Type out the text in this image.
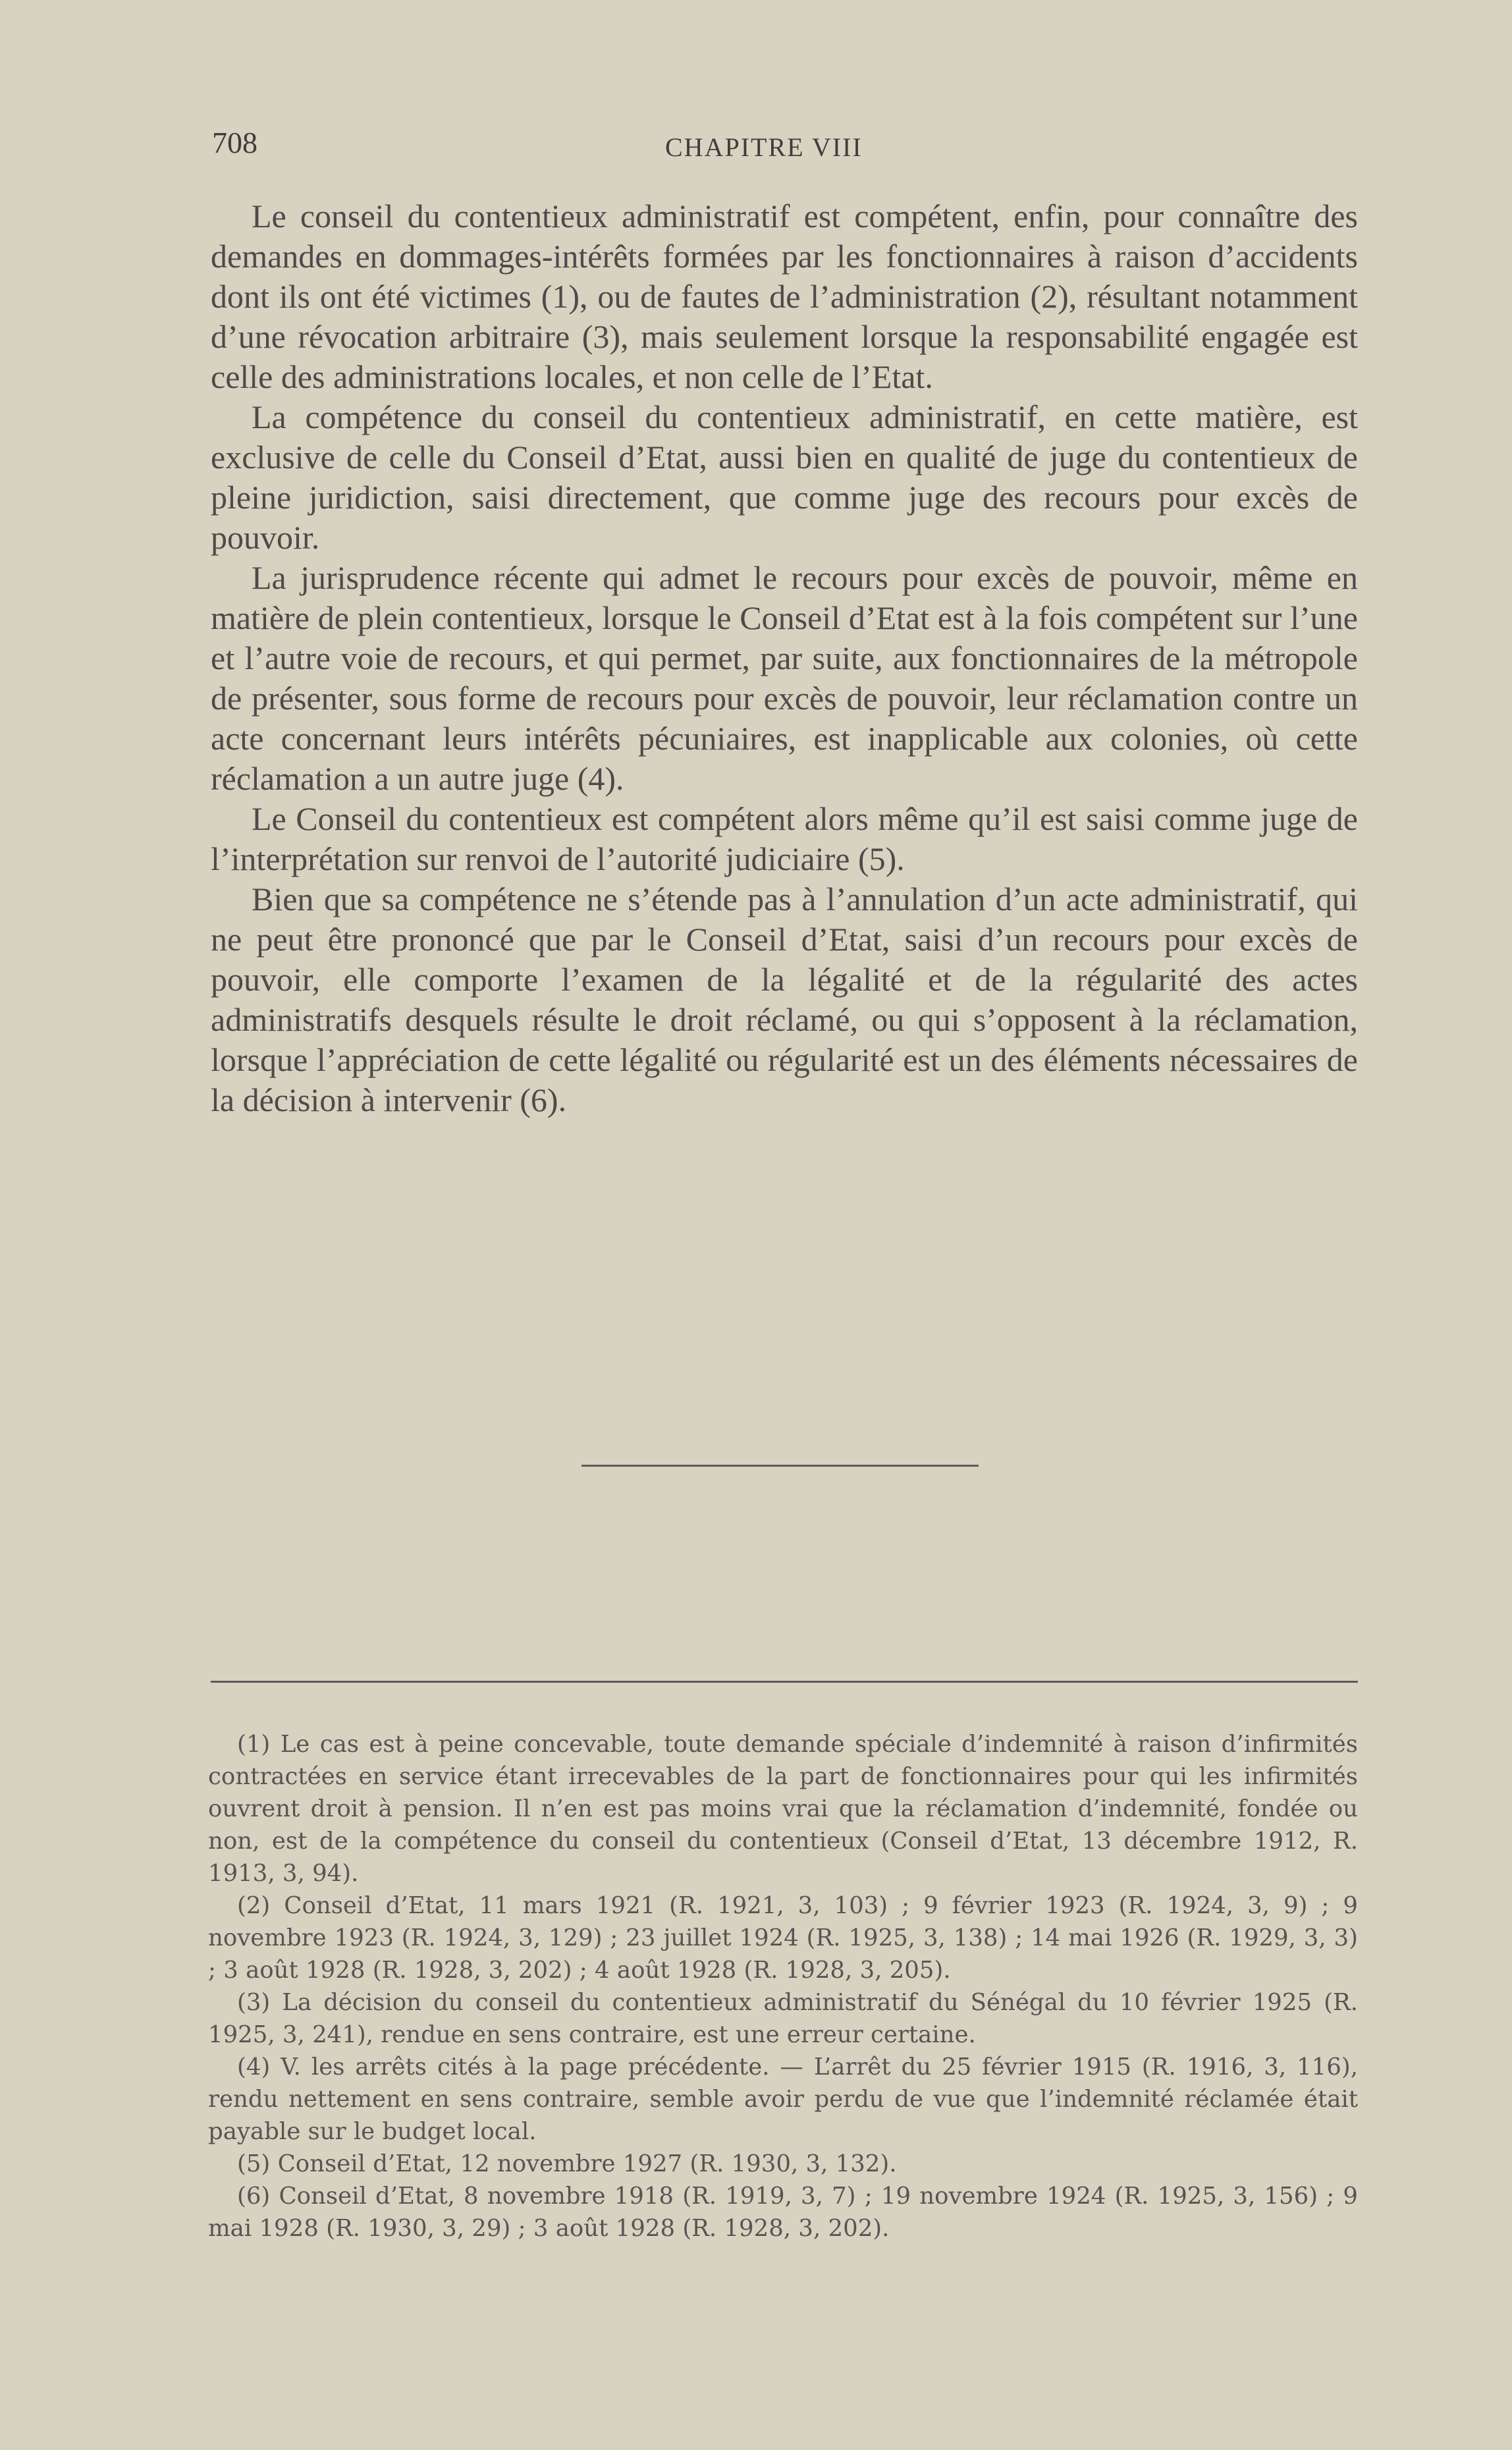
708	CHAPITRE VIII

Le conseil du contentieux administratif est compétent, enfin, pour connaître des demandes en dommages-intérêts formées par les fonctionnaires à raison d’accidents dont ils ont été victimes (1), ou de fautes de l’administration (2), résultant notamment d’une révocation arbitraire (3), mais seulement lorsque la responsabilité engagée est celle des administrations locales, et non celle de l’Etat.

La compétence du conseil du contentieux administratif, en cette matière, est exclusive de celle du Conseil d’Etat, aussi bien en qualité de juge du contentieux de pleine juridiction, saisi directement, que comme juge des recours pour excès de pouvoir.

La jurisprudence récente qui admet le recours pour excès de pouvoir, même en matière de plein contentieux, lorsque le Conseil d’Etat est à la fois compétent sur l’une et l’autre voie de recours, et qui permet, par suite, aux fonctionnaires de la métropole de présenter, sous forme de recours pour excès de pouvoir, leur réclamation contre un acte concernant leurs intérêts pécuniaires, est inapplicable aux colonies, où cette réclamation a un autre juge (4).

Le Conseil du contentieux est compétent alors même qu’il est saisi comme juge de l’interprétation sur renvoi de l’autorité judiciaire (5).

Bien que sa compétence ne s’étende pas à l’annulation d’un acte administratif, qui ne peut être prononcé que par le Conseil d’Etat, saisi d’un recours pour excès de pouvoir, elle comporte l’examen de la légalité et de la régularité des actes administratifs desquels résulte le droit réclamé, ou qui s’opposent à la réclamation, lorsque l’appréciation de cette légalité ou régularité est un des éléments nécessaires de la décision à intervenir (6).

(1) Le cas est à peine concevable, toute demande spéciale d’indemnité à raison d’infirmités contractées en service étant irrecevables de la part de fonctionnaires pour qui les infirmités ouvrent droit à pension. Il n’en est pas moins vrai que la réclamation d’indemnité, fondée ou non, est de la compétence du conseil du contentieux (Conseil d’Etat, 13 décembre 1912, R. 1913, 3, 94).

(2) Conseil d’Etat, 11 mars 1921 (R. 1921, 3, 103) ; 9 février 1923 (R. 1924, 3, 9) ; 9 novembre 1923 (R. 1924, 3, 129) ; 23 juillet 1924 (R. 1925, 3, 138) ; 14 mai 1926 (R. 1929, 3, 3) ; 3 août 1928 (R. 1928, 3, 202) ; 4 août 1928 (R. 1928, 3, 205).

(3) La décision du conseil du contentieux administratif du Sénégal du 10 février 1925 (R. 1925, 3, 241), rendue en sens contraire, est une erreur certaine.

(4) V. les arrêts cités à la page précédente. — L’arrêt du 25 février 1915 (R. 1916, 3, 116), rendu nettement en sens contraire, semble avoir perdu de vue que l’indemnité réclamée était payable sur le budget local.

(5) Conseil d’Etat, 12 novembre 1927 (R. 1930, 3, 132).

(6) Conseil d’Etat, 8 novembre 1918 (R. 1919, 3, 7) ; 19 novembre 1924 (R. 1925, 3, 156) ; 9 mai 1928 (R. 1930, 3, 29) ; 3 août 1928 (R. 1928, 3, 202).
